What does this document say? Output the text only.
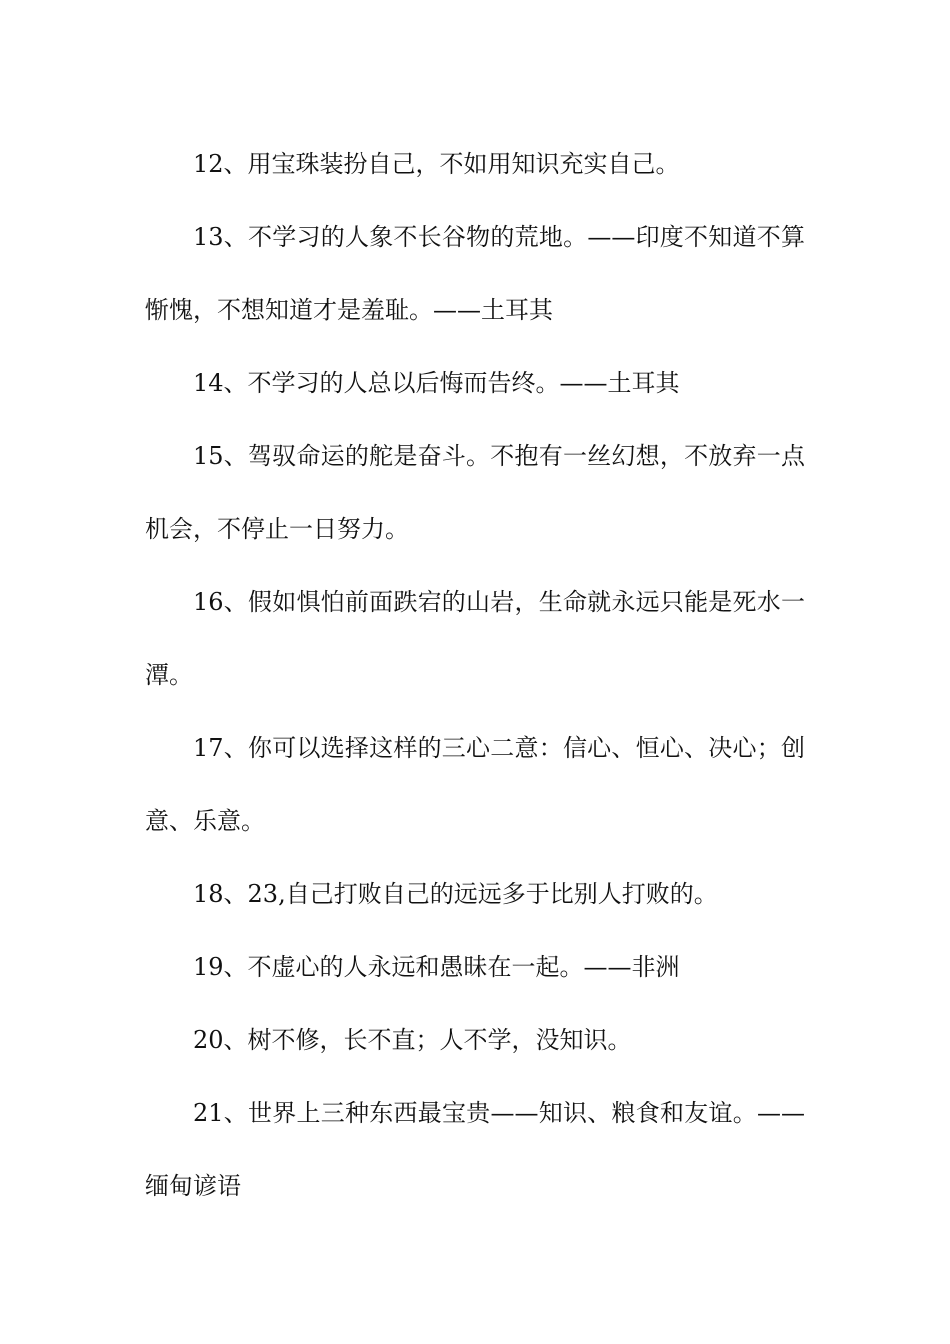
12、用宝珠装扮自己，不如用知识充实自己。

13、不学习的人象不长谷物的荒地。——印度不知道不算惭愧，不想知道才是羞耻。——土耳其

14、不学习的人总以后悔而告终。——土耳其

15、驾驭命运的舵是奋斗。不抱有一丝幻想，不放弃一点机会，不停止一日努力。

16、假如惧怕前面跌宕的山岩，生命就永远只能是死水一潭。

17、你可以选择这样的三心二意：信心、恒心、决心；创意、乐意。

18、23,自己打败自己的远远多于比别人打败的。

19、不虚心的人永远和愚昧在一起。——非洲

20、树不修，长不直；人不学，没知识。

21、世界上三种东西最宝贵——知识、粮食和友谊。——缅甸谚语
